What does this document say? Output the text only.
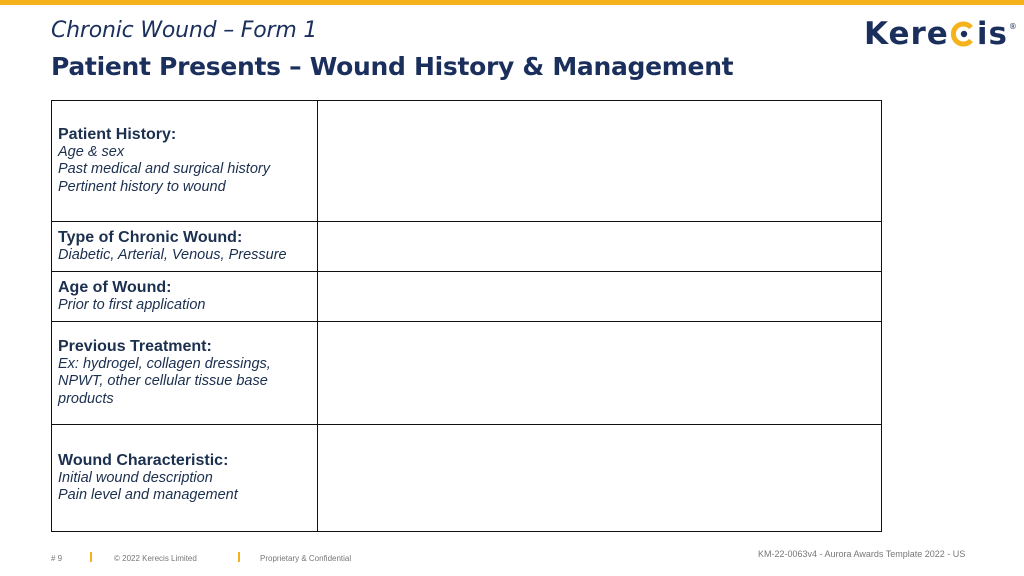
Chronic Wound – Form 1
Patient Presents – Wound History & Management
Kere is ®
Patient History:
Age & sex
Past medical and surgical history
Pertinent history to wound	

Type of Chronic Wound:
Diabetic, Arterial, Venous, Pressure	

Age of Wound:
Prior to first application	

Previous Treatment:
Ex: hydrogel, collagen dressings, NPWT, other cellular tissue base products	

Wound Characteristic:
Initial wound description
Pain level and management	

# 9	© 2022 Kerecis Limited	Proprietary & Confidential	KM-22-0063v4 - Aurora Awards Template 2022 - US
